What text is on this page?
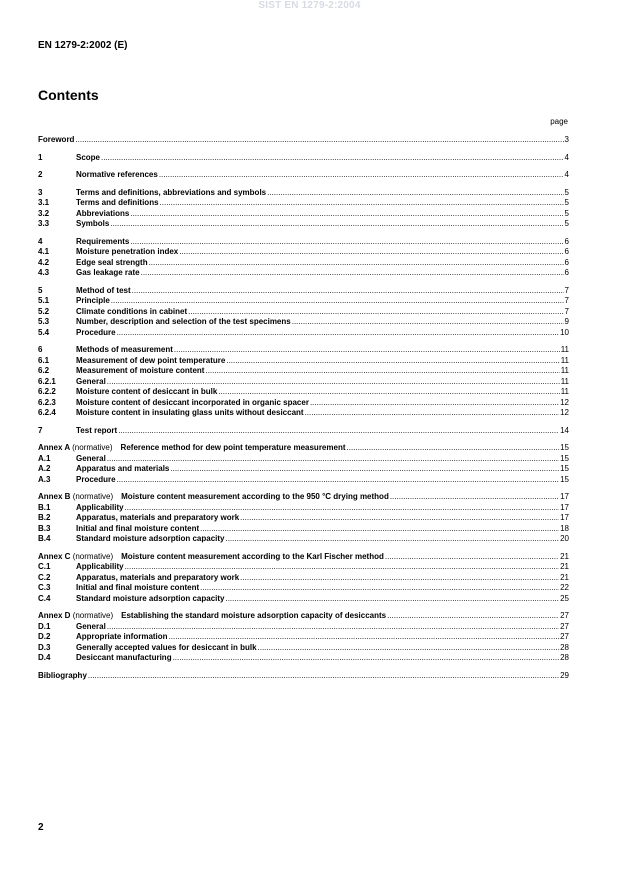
SIST EN 1279-2:2004
EN 1279-2:2002 (E)
Contents
page
Foreword .....	3
1	Scope .....	4
2	Normative references .....	4
3	Terms and definitions, abbreviations and symbols .....	5
3.1	Terms and definitions .....	5
3.2	Abbreviations .....	5
3.3	Symbols .....	5
4	Requirements .....	6
4.1	Moisture penetration index .....	6
4.2	Edge seal strength .....	6
4.3	Gas leakage rate .....	6
5	Method of test .....	7
5.1	Principle .....	7
5.2	Climate conditions in cabinet .....	7
5.3	Number, description and selection of the test specimens .....	9
5.4	Procedure .....	10
6	Methods of measurement .....	11
6.1	Measurement of dew point temperature .....	11
6.2	Measurement of moisture content .....	11
6.2.1	General .....	11
6.2.2	Moisture content of desiccant in bulk .....	11
6.2.3	Moisture content of desiccant incorporated in organic spacer .....	12
6.2.4	Moisture content in insulating glass units without desiccant .....	12
7	Test report .....	14
Annex A (normative) Reference method for dew point temperature measurement .....	15
A.1	General .....	15
A.2	Apparatus and materials .....	15
A.3	Procedure .....	15
Annex B (normative) Moisture content measurement according to the 950 °C drying method .....	17
B.1	Applicability .....	17
B.2	Apparatus, materials and preparatory work .....	17
B.3	Initial and final moisture content .....	18
B.4	Standard moisture adsorption capacity .....	20
Annex C (normative) Moisture content measurement according to the Karl Fischer method .....	21
C.1	Applicability .....	21
C.2	Apparatus, materials and preparatory work .....	21
C.3	Initial and final moisture content .....	22
C.4	Standard moisture adsorption capacity .....	25
Annex D (normative) Establishing the standard moisture adsorption capacity of desiccants .....	27
D.1	General .....	27
D.2	Appropriate information .....	27
D.3	Generally accepted values for desiccant in bulk .....	28
D.4	Desiccant manufacturing .....	28
Bibliography .....	29
2
